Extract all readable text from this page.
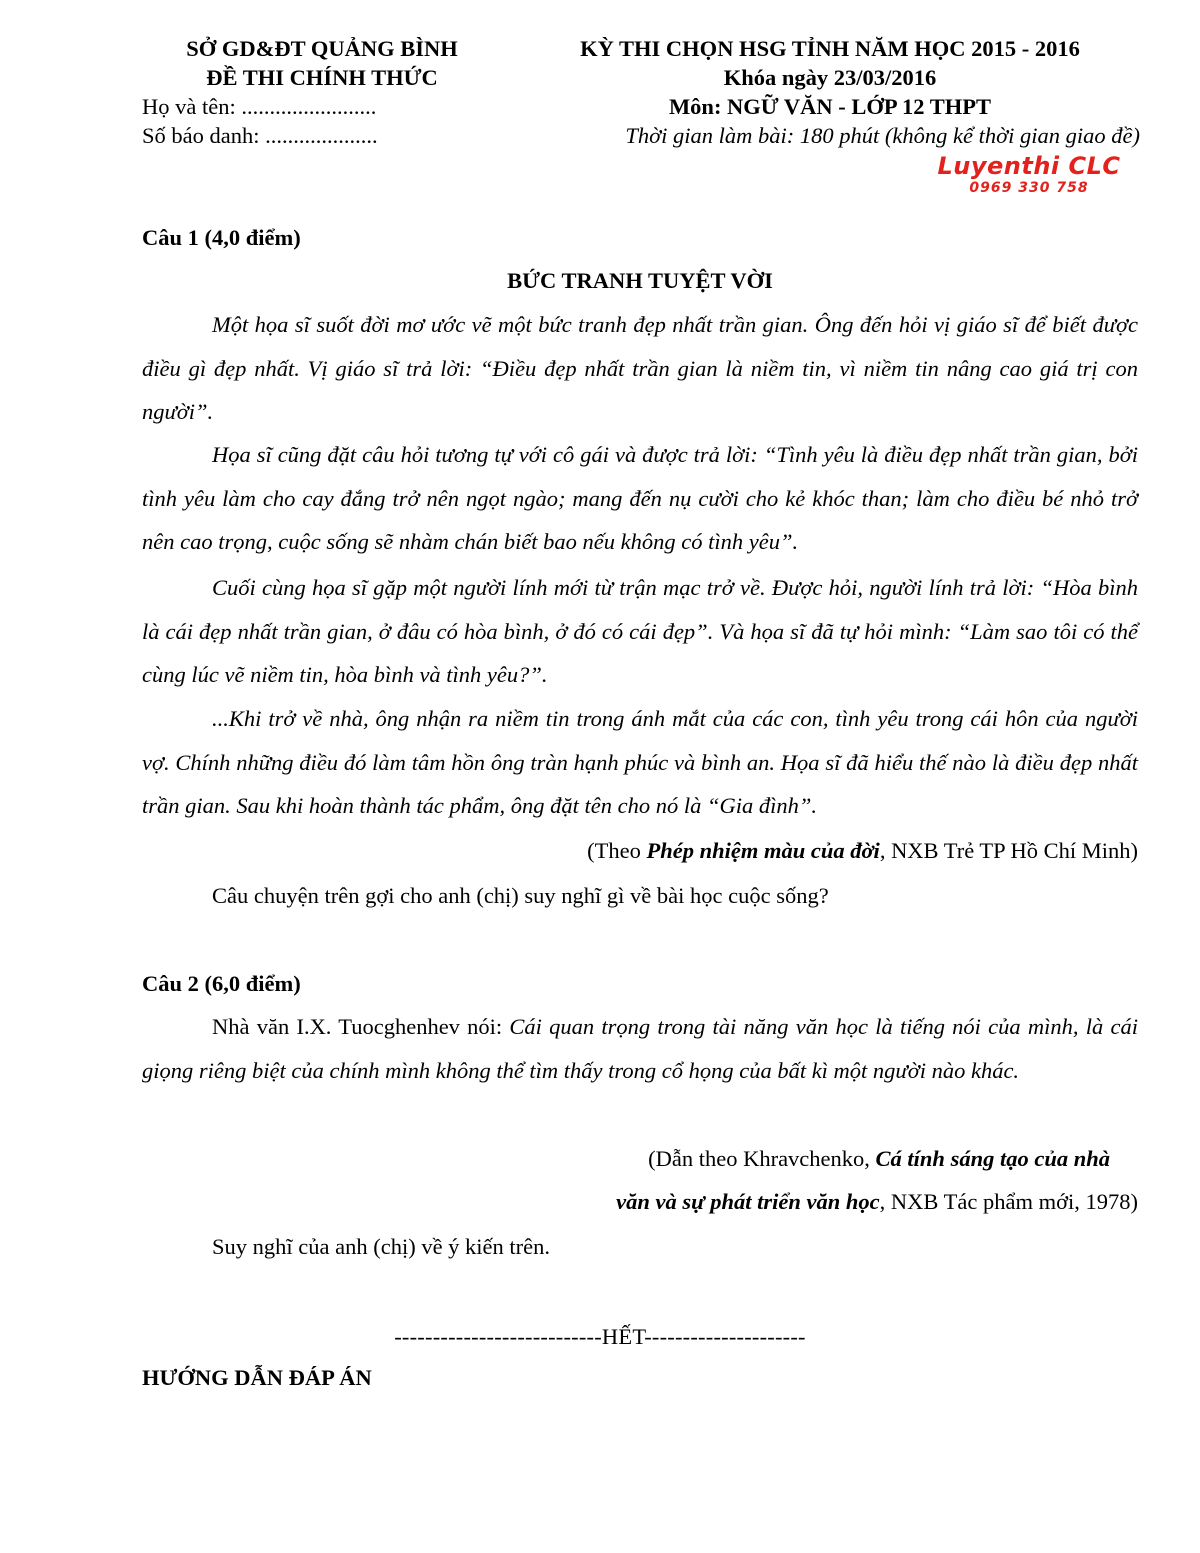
SỞ GD&ĐT QUẢNG BÌNH
ĐỀ THI CHÍNH THỨC
Họ và tên: ........................
Số báo danh: ....................
KỲ THI CHỌN HSG TỈNH NĂM HỌC 2015 - 2016
Khóa ngày 23/03/2016
Môn: NGỮ VĂN - LỚP 12 THPT
Thời gian làm bài: 180 phút (không kể thời gian giao đề)
Luyenthi CLC
0969 330 758
Câu 1 (4,0 điểm)
BỨC TRANH TUYỆT VỜI

Một họa sĩ suốt đời mơ ước vẽ một bức tranh đẹp nhất trần gian. Ông đến hỏi vị giáo sĩ để biết được điều gì đẹp nhất. Vị giáo sĩ trả lời: “Điều đẹp nhất trần gian là niềm tin, vì niềm tin nâng cao giá trị con người”.

Họa sĩ cũng đặt câu hỏi tương tự với cô gái và được trả lời: “Tình yêu là điều đẹp nhất trần gian, bởi tình yêu làm cho cay đắng trở nên ngọt ngào; mang đến nụ cười cho kẻ khóc than; làm cho điều bé nhỏ trở nên cao trọng, cuộc sống sẽ nhàm chán biết bao nếu không có tình yêu”.

Cuối cùng họa sĩ gặp một người lính mới từ trận mạc trở về. Được hỏi, người lính trả lời: “Hòa bình là cái đẹp nhất trần gian, ở đâu có hòa bình, ở đó có cái đẹp”. Và họa sĩ đã tự hỏi mình: “Làm sao tôi có thể cùng lúc vẽ niềm tin, hòa bình và tình yêu?”.

...Khi trở về nhà, ông nhận ra niềm tin trong ánh mắt của các con, tình yêu trong cái hôn của người vợ. Chính những điều đó làm tâm hồn ông tràn hạnh phúc và bình an. Họa sĩ đã hiểu thế nào là điều đẹp nhất trần gian. Sau khi hoàn thành tác phẩm, ông đặt tên cho nó là “Gia đình”.

(Theo Phép nhiệm màu của đời, NXB Trẻ TP Hồ Chí Minh)
Câu chuyện trên gợi cho anh (chị) suy nghĩ gì về bài học cuộc sống?
Câu 2 (6,0 điểm)

Nhà văn I.X. Tuocghenhev nói: Cái quan trọng trong tài năng văn học là tiếng nói của mình, là cái giọng riêng biệt của chính mình không thể tìm thấy trong cổ họng của bất kì một người nào khác.

(Dẫn theo Khravchenko, Cá tính sáng tạo của nhà
văn và sự phát triển văn học, NXB Tác phẩm mới, 1978)
Suy nghĩ của anh (chị) về ý kiến trên.
---------------------------HẾT---------------------
HƯỚNG DẪN ĐÁP ÁN
